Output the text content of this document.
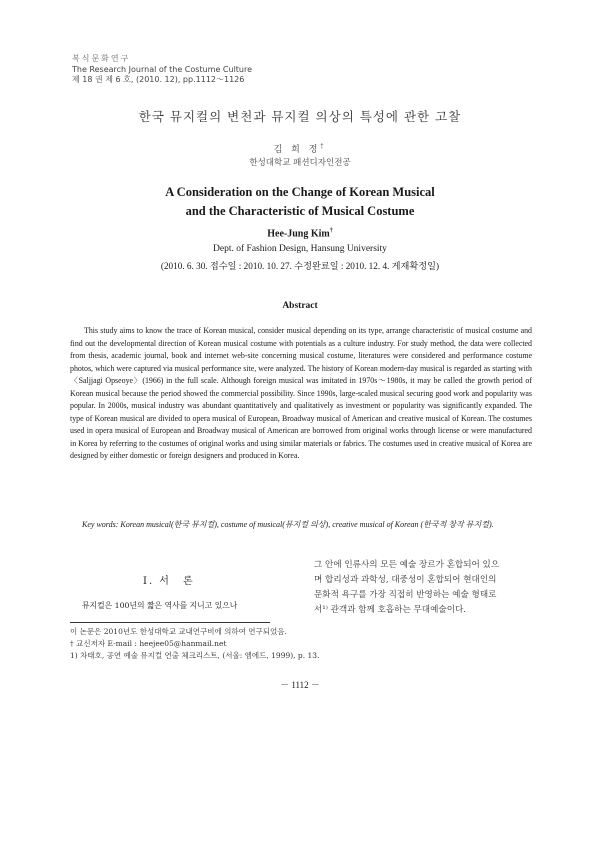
복식문화연구
The Research Journal of the Costume Culture
제 18 권 제 6 호, (2010. 12), pp.1112～1126
한국 뮤지컬의 변천과 뮤지컬 의상의 특성에 관한 고찰
김 희 정†
한성대학교 패션디자인전공
A Consideration on the Change of Korean Musical
and the Characteristic of Musical Costume
Hee-Jung Kim†
Dept. of Fashion Design, Hansung University
(2010. 6. 30. 접수일 : 2010. 10. 27. 수정완료일 : 2010. 12. 4. 게재확정일)
Abstract

This study aims to know the trace of Korean musical, consider musical depending on its type, arrange characteristic of musical costume and find out the developmental direction of Korean musical costume with potentials as a culture industry. For study method, the data were collected from thesis, academic journal, book and internet web-site concerning musical costume, literatures were considered and performance costume photos, which were captured via musical performance site, were analyzed. The history of Korean modern-day musical is regarded as starting with 〈Saljjagi Opseoye〉(1966) in the full scale. Although foreign musical was imitated in 1970s～1980s, it may be called the growth period of Korean musical because the period showed the commercial possibility. Since 1990s, large-scaled musical securing good work and popularity was popular. In 2000s, musical industry was abundant quantitatively and qualitatively as investment or popularity was significantly expanded. The type of Korean musical are divided to opera musical of European, Broadway musical of American and creative musical of Korean. The costumes used in opera musical of European and Broadway musical of American are borrowed from original works through license or were manufactured in Korea by referring to the costumes of original works and using similar materials or fabrics. The costumes used in creative musical of Korea are designed by either domestic or foreign designers and produced in Korea.

Key words: Korean musical(한국 뮤지컬), costume of musical(뮤지컬 의상), creative musical of Korean (한국적 창작 뮤지컬).

Ⅰ. 서　론
뮤지컬은 100년의 짧은 역사를 지니고 있으나

그 안에 인류사의 모든 예술 장르가 혼합되어 있으
며 합리성과 과학성, 대중성이 혼합되어 현대인의
문화적 욕구를 가장 직접히 반영하는 예술 형태로
서¹⁾ 관객과 함께 호흡하는 무대예술이다.

이 논문은 2010년도 한성대학교 교내연구비에 의하여 연구되었음.
† 교신저자 E-mail : heejee05@hanmail.net
1) 차태호, 공연 예술 뮤지컬 연출 체크리스트, (서울: 엠에드, 1999), p. 13.
－ 1112 －
